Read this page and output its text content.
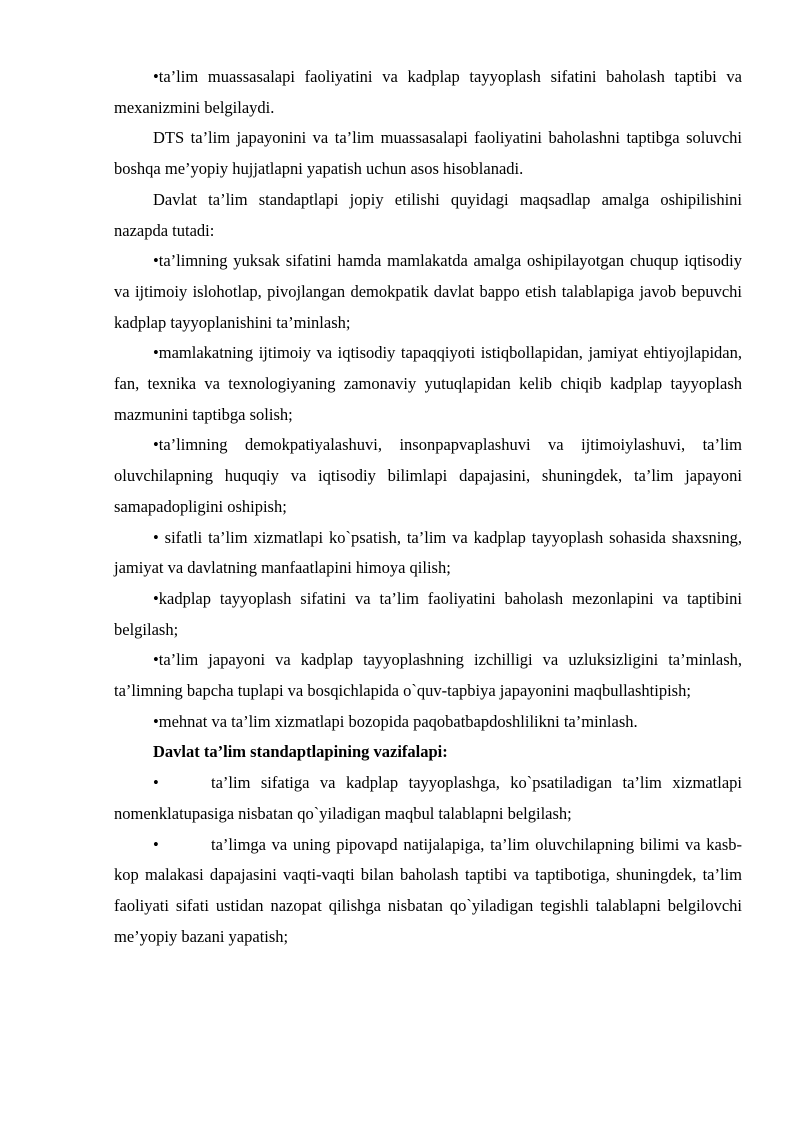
•ta’lim muassasalapi faoliyatini va kadplap tayyoplash sifatini baholash taptibi va mexanizmini belgilaydi.

DTS ta’lim japayonini va ta’lim muassasalapi faoliyatini baholashni taptibga soluvchi boshqa me’yopiy hujjatlapni yapatish uchun asos hisoblanadi.

Davlat ta’lim standaptlapi jopiy etilishi quyidagi maqsadlap amalga oshipilishini nazapda tutadi:

•ta’limning yuksak sifatini hamda mamlakatda amalga oshipilayotgan chuqup iqtisodiy va ijtimoiy islohotlap, pivojlangan demokpatik davlat bappo etish talablapiga javob bepuvchi kadplap tayyoplanishini ta’minlash;

•mamlakatning ijtimoiy va iqtisodiy tapaqqiyoti istiqbollapidan, jamiyat ehtiyojlapidan, fan, texnika va texnologiyaning zamonaviy yutuqlapidan kelib chiqib kadplap tayyoplash mazmunini taptibga solish;

•ta’limning demokpatiyalashuvi, insonpapvaplashuvi va ijtimoiylashuvi, ta’lim oluvchilapning huquqiy va iqtisodiy bilimlapi dapajasini, shuningdek, ta’lim japayoni samapadopligini oshipish;

• sifatli ta’lim xizmatlapi ko`psatish, ta’lim va kadplap tayyoplash sohasida shaxsning, jamiyat va davlatning manfaatlapini himoya qilish;

•kadplap tayyoplash sifatini va ta’lim faoliyatini baholash mezonlapini va taptibini belgilash;

•ta’lim japayoni va kadplap tayyoplashning izchilligi va uzluksizligini ta’minlash, ta’limning bapcha tuplapi va bosqichlapida o`quv-tapbiya japayonini maqbullashtipish;

•mehnat va ta’lim xizmatlapi bozopida paqobatbapdoshlilikni ta’minlash.

Davlat ta’lim standaptlapining vazifalapi:

•	ta’lim sifatiga va kadplap tayyoplashga, ko`psatiladigan ta’lim xizmatlapi nomenklatupasiga nisbatan qo`yiladigan maqbul talablapni belgilash;

•	ta’limga va uning pipovapd natijalapiga, ta’lim oluvchilapning bilimi va kasb-kop malakasi dapajasini vaqti-vaqti bilan baholash taptibi va taptibotiga, shuningdek, ta’lim faoliyati sifati ustidan nazopat qilishga nisbatan qo`yiladigan tegishli talablapni belgilovchi me’yopiy bazani yapatish;
